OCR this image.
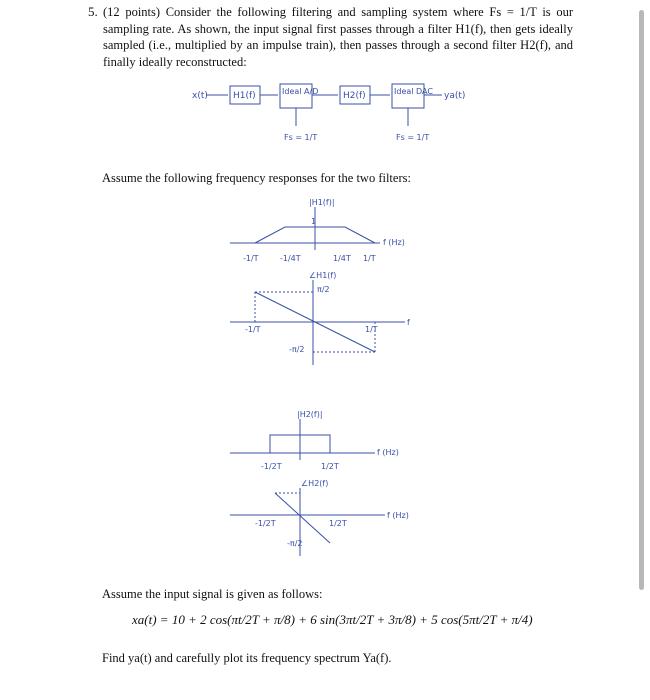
5. (12 points) Consider the following filtering and sampling system where Fs = 1/T is our sampling rate. As shown, the input signal first passes through a filter H1(f), then gets ideally sampled (i.e., multiplied by an impulse train), then passes through a second filter H2(f), and finally ideally reconstructed:

x(t)	H1(f)	Ideal A/D	H2(f)	Ideal DAC ya(t)
Fs = 1/T	Fs = 1/T
Assume the following frequency responses for the two filters:
|H1(f)|
1
f (Hz)
-1/T	-1/4T	1/4T 1/T
∠H1(f)
π/2
-π/2
-1/T	1/T
f
|H2(f)|
f (Hz)
-1/2T	1/2T
∠H2(f)
-1/2T	1/2T
-π/2
f (Hz)
Assume the input signal is given as follows:
xa(t) = 10 + 2 cos(πt/2T + π/8) + 6 sin(3πt/2T + 3π/8) + 5 cos(5πt/2T + π/4)
Find ya(t) and carefully plot its frequency spectrum Ya(f).
